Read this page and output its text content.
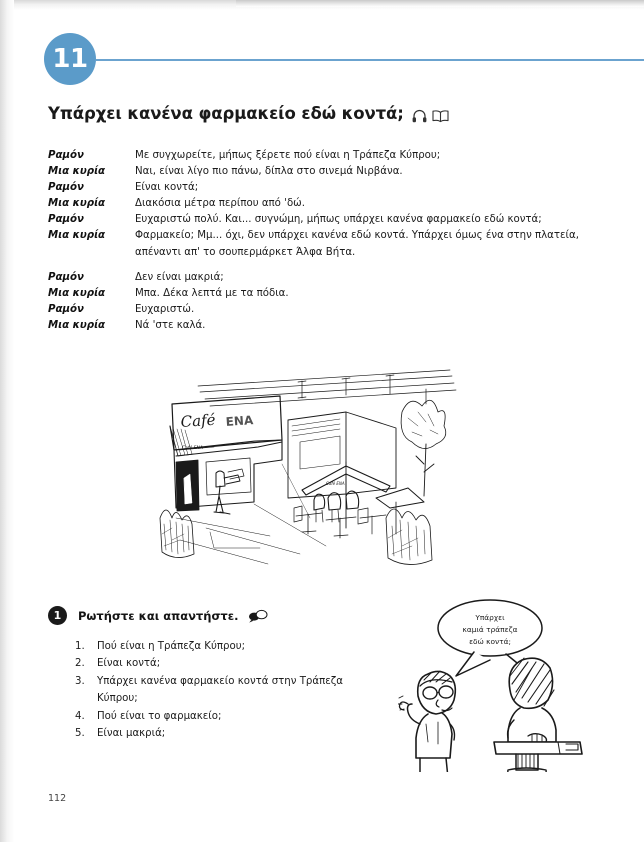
11
Υπάρχει κανένα φαρμακείο εδώ κοντά;
Ραμόν	Με συγχωρείτε, μήπως ξέρετε πού είναι η Τράπεζα Κύπρου;
Μια κυρία	Ναι, είναι λίγο πιο πάνω, δίπλα στο σινεμά Νιρβάνα.
Ραμόν	Είναι κοντά;
Μια κυρία	Διακόσια μέτρα περίπου από 'δώ.
Ραμόν	Ευχαριστώ πολύ. Και... συγνώμη, μήπως υπάρχει κανένα φαρμακείο εδώ κοντά;
Μια κυρία	Φαρμακείο; Μμ... όχι, δεν υπάρχει κανένα εδώ κοντά. Υπάρχει όμως ένα στην πλατεία, απέναντι απ' το σουπερμάρκετ Άλφα Βήτα.
Ραμόν	Δεν είναι μακριά;
Μια κυρία	Μπα. Δέκα λεπτά με τα πόδια.
Ραμόν	Ευχαριστώ.
Μια κυρία	Νά 'στε καλά.
Café ΕΝΑ
Café ΕΝΑ
Café ΕΝΑ
1 Ρωτήστε και απαντήστε.
1.	Πού είναι η Τράπεζα Κύπρου;
2.	Είναι κοντά;
3.	Υπάρχει κανένα φαρμακείο κοντά στην Τράπεζα Κύπρου;
4.	Πού είναι το φαρμακείο;
5.	Είναι μακριά;
Υπάρχει
καμιά τράπεζα
εδώ κοντά;
112
